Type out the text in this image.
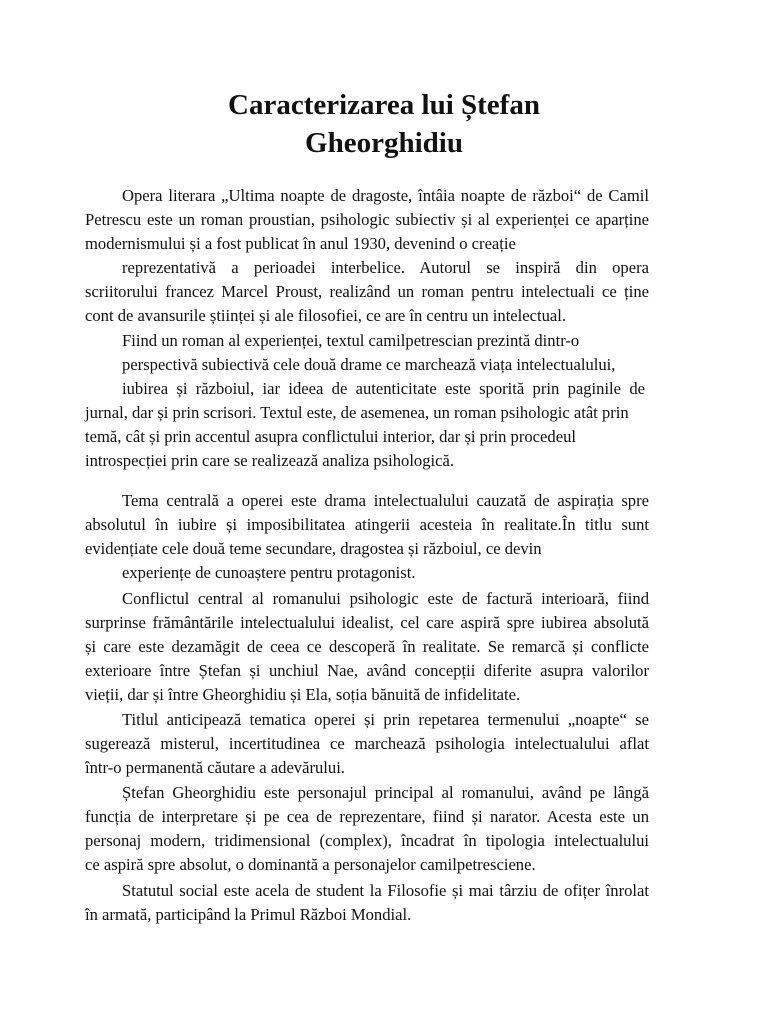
Caracterizarea lui Ștefan
Gheorghidiu
Opera literara „Ultima noapte de dragoste, întâia noapte de război“ de Camil
Petrescu este un roman proustian, psihologic subiectiv și al experienței ce aparține
modernismului și a fost publicat în anul 1930, devenind o creație
reprezentativă a perioadei interbelice. Autorul se inspiră din opera
scriitorului francez Marcel Proust, realizând un roman pentru intelectuali ce ține
cont de avansurile științei și ale filosofiei, ce are în centru un intelectual.
Fiind un roman al experienței, textul camilpetrescian prezintă dintr-o
perspectivă subiectivă cele două drame ce marchează viața intelectualului,
iubirea și războiul, iar ideea de autenticitate este sporită prin paginile de
jurnal, dar și prin scrisori. Textul este, de asemenea, un roman psihologic atât prin
temă, cât și prin accentul asupra conflictului interior, dar și prin procedeul
introspecției prin care se realizează analiza psihologică.
Tema centrală a operei este drama intelectualului cauzată de aspirația spre
absolutul în iubire și imposibilitatea atingerii acesteia în realitate.În titlu sunt
evidențiate cele două teme secundare, dragostea și războiul, ce devin
experiențe de cunoaștere pentru protagonist.
Conflictul central al romanului psihologic este de factură interioară, fiind
surprinse frământările intelectualului idealist, cel care aspiră spre iubirea absolută
și care este dezamăgit de ceea ce descoperă în realitate. Se remarcă și conflicte
exterioare între Ștefan și unchiul Nae, având concepții diferite asupra valorilor
vieții, dar și între Gheorghidiu și Ela, soția bănuită de infidelitate.
Titlul anticipează tematica operei și prin repetarea termenului „noapte“ se
sugerează misterul, incertitudinea ce marchează psihologia intelectualului aflat
într-o permanentă căutare a adevărului.
Ștefan Gheorghidiu este personajul principal al romanului, având pe lângă
funcția de interpretare și pe cea de reprezentare, fiind și narator. Acesta este un
personaj modern, tridimensional (complex), încadrat în tipologia intelectualului
ce aspiră spre absolut, o dominantă a personajelor camilpetresciene.
Statutul social este acela de student la Filosofie și mai târziu de ofițer înrolat
în armată, participând la Primul Război Mondial.
